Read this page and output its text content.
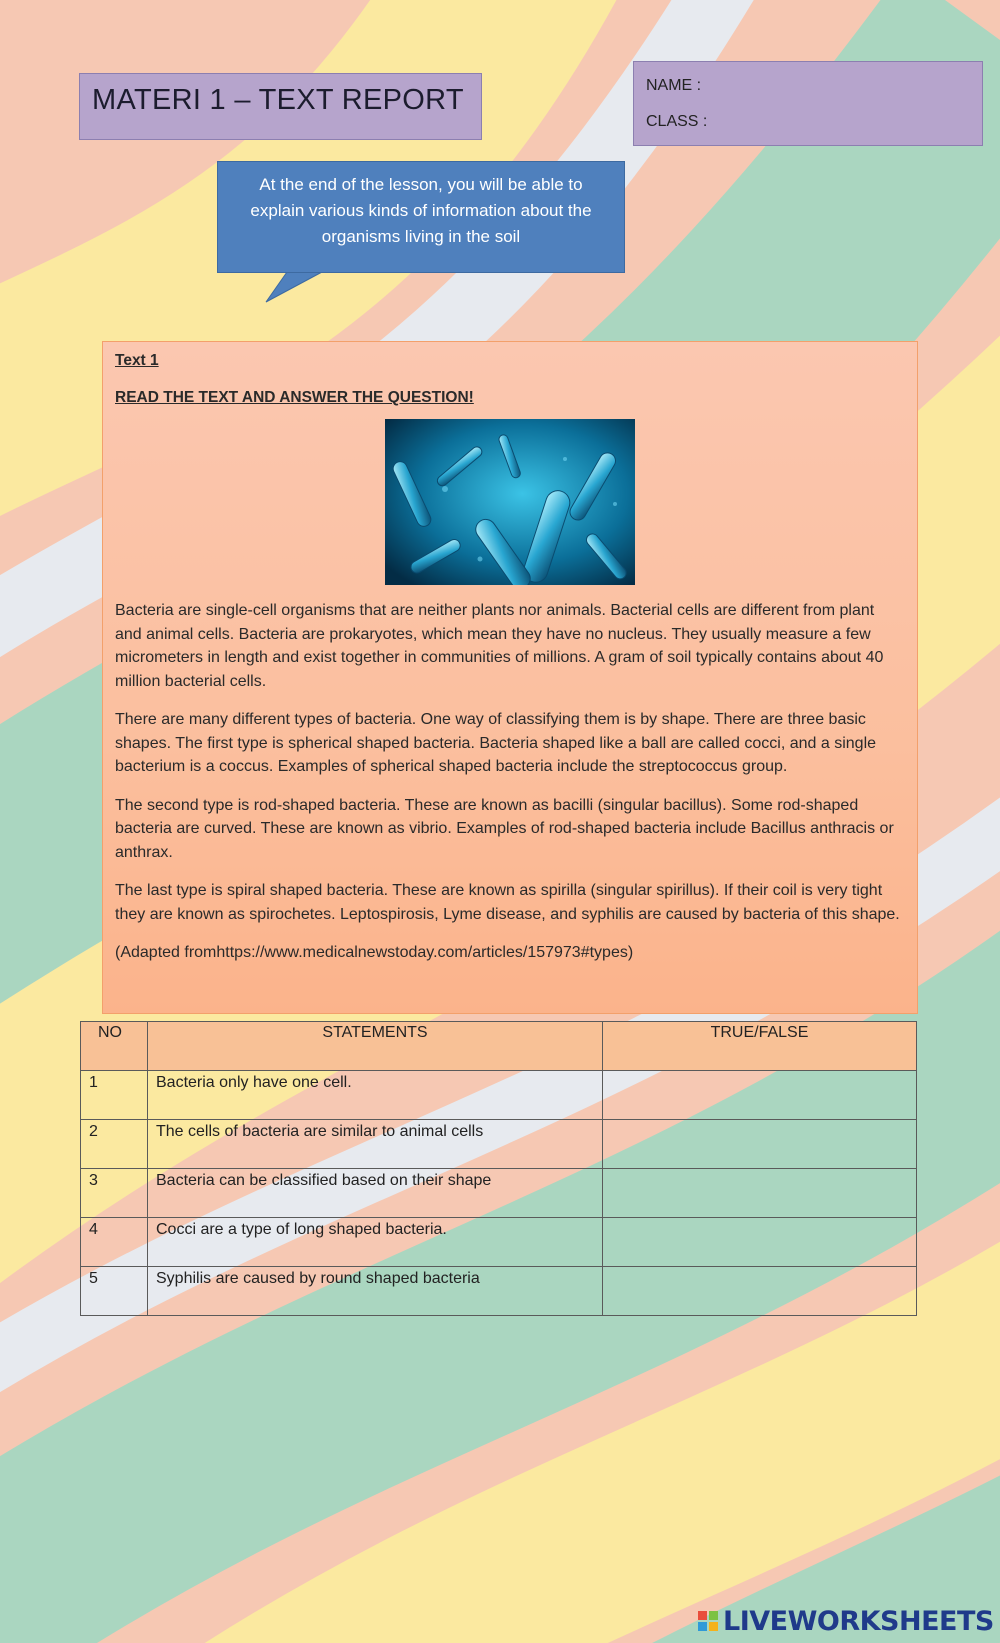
MATERI 1 – TEXT REPORT	NAME :
CLASS :
At the end of the lesson, you will be able to explain various kinds of information about the organisms living in the soil
Text 1
READ THE TEXT AND ANSWER THE QUESTION!
Bacteria are single-cell organisms that are neither plants nor animals. Bacterial cells are different from plant and animal cells. Bacteria are prokaryotes, which mean they have no nucleus. They usually measure a few micrometers in length and exist together in communities of millions. A gram of soil typically contains about 40 million bacterial cells.
There are many different types of bacteria. One way of classifying them is by shape. There are three basic shapes. The first type is spherical shaped bacteria. Bacteria shaped like a ball are called cocci, and a single bacterium is a coccus. Examples of spherical shaped bacteria include the streptococcus group.
The second type is rod-shaped bacteria. These are known as bacilli (singular bacillus). Some rod-shaped bacteria are curved. These are known as vibrio. Examples of rod-shaped bacteria include Bacillus anthracis or anthrax.
The last type is spiral shaped bacteria. These are known as spirilla (singular spirillus). If their coil is very tight they are known as spirochetes. Leptospirosis, Lyme disease, and syphilis are caused by bacteria of this shape.
(Adapted fromhttps://www.medicalnewstoday.com/articles/157973#types)
NO	STATEMENTS	TRUE/FALSE
1	Bacteria only have one cell.	
2	The cells of bacteria are similar to animal cells	
3	Bacteria can be classified based on their shape	
4	Cocci are a type of long shaped bacteria.	
5	Syphilis are caused by round shaped bacteria	
LIVEWORKSHEETS
